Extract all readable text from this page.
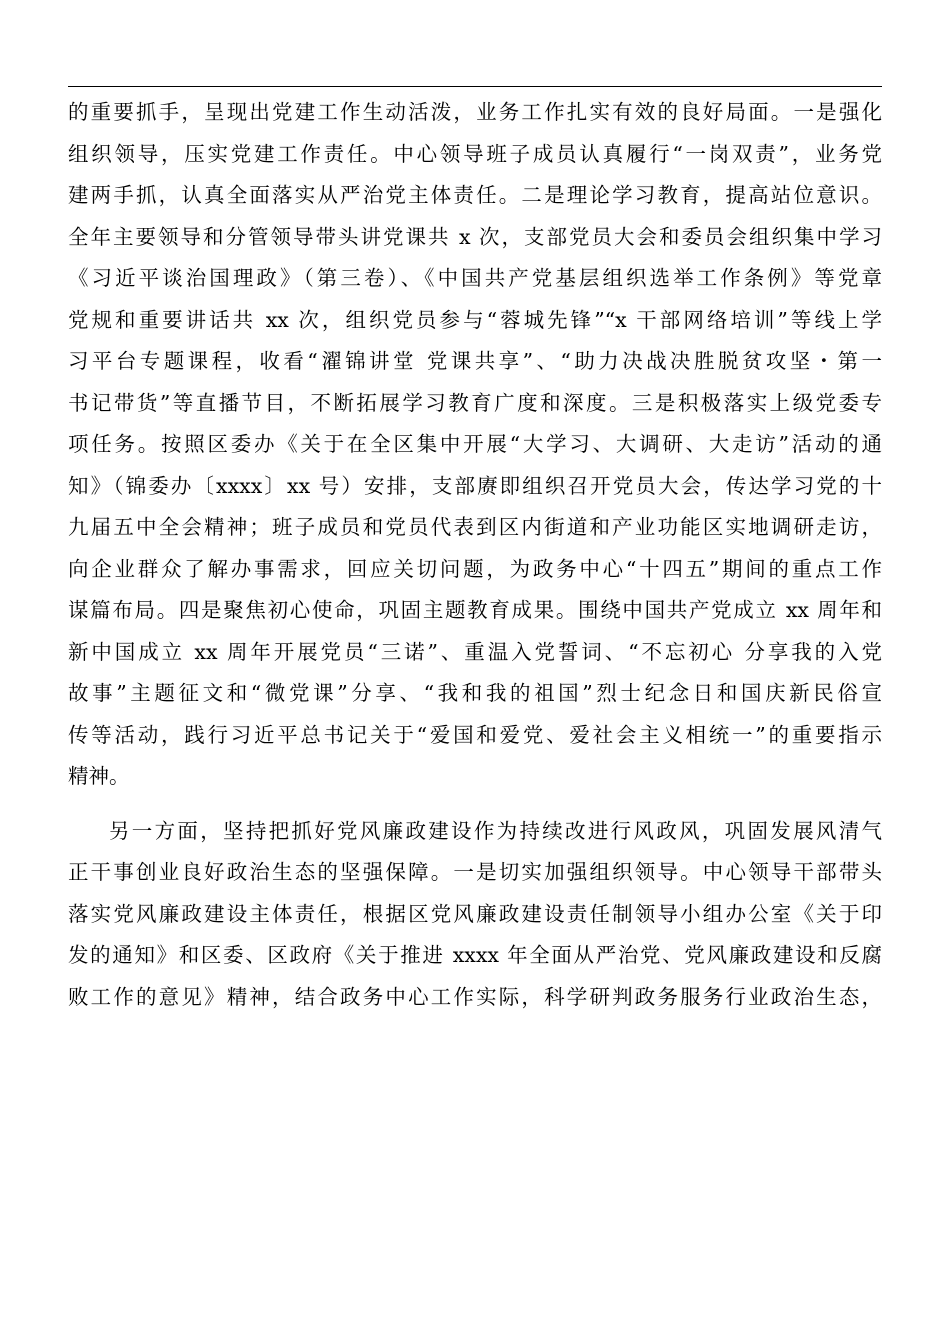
的重要抓手，呈现出党建工作生动活泼，业务工作扎实有效的良好局面。一是强化
组织领导，压实党建工作责任。中心领导班子成员认真履行“一岗双责”，业务党
建两手抓，认真全面落实从严治党主体责任。二是理论学习教育，提高站位意识。
全年主要领导和分管领导带头讲党课共 x 次，支部党员大会和委员会组织集中学习
《习近平谈治国理政》（第三卷）、《中国共产党基层组织选举工作条例》等党章
党规和重要讲话共 xx 次，组织党员参与“蓉城先锋”“x 干部网络培训”等线上学
习平台专题课程，收看“濯锦讲堂 党课共享”、“助力决战决胜脱贫攻坚・第一
书记带货”等直播节目，不断拓展学习教育广度和深度。三是积极落实上级党委专
项任务。按照区委办《关于在全区集中开展“大学习、大调研、大走访”活动的通
知》（锦委办〔xxxx〕xx 号）安排，支部赓即组织召开党员大会，传达学习党的十
九届五中全会精神；班子成员和党员代表到区内街道和产业功能区实地调研走访，
向企业群众了解办事需求，回应关切问题，为政务中心“十四五”期间的重点工作
谋篇布局。四是聚焦初心使命，巩固主题教育成果。围绕中国共产党成立 xx 周年和
新中国成立 xx 周年开展党员“三诺”、重温入党誓词、“不忘初心 分享我的入党
故事”主题征文和“微党课”分享、“我和我的祖国”烈士纪念日和国庆新民俗宣
传等活动，践行习近平总书记关于“爱国和爱党、爱社会主义相统一”的重要指示
精神。
另一方面，坚持把抓好党风廉政建设作为持续改进行风政风，巩固发展风清气
正干事创业良好政治生态的坚强保障。一是切实加强组织领导。中心领导干部带头
落实党风廉政建设主体责任，根据区党风廉政建设责任制领导小组办公室《关于印
发的通知》和区委、区政府《关于推进 xxxx 年全面从严治党、党风廉政建设和反腐
败工作的意见》精神，结合政务中心工作实际，科学研判政务服务行业政治生态，
